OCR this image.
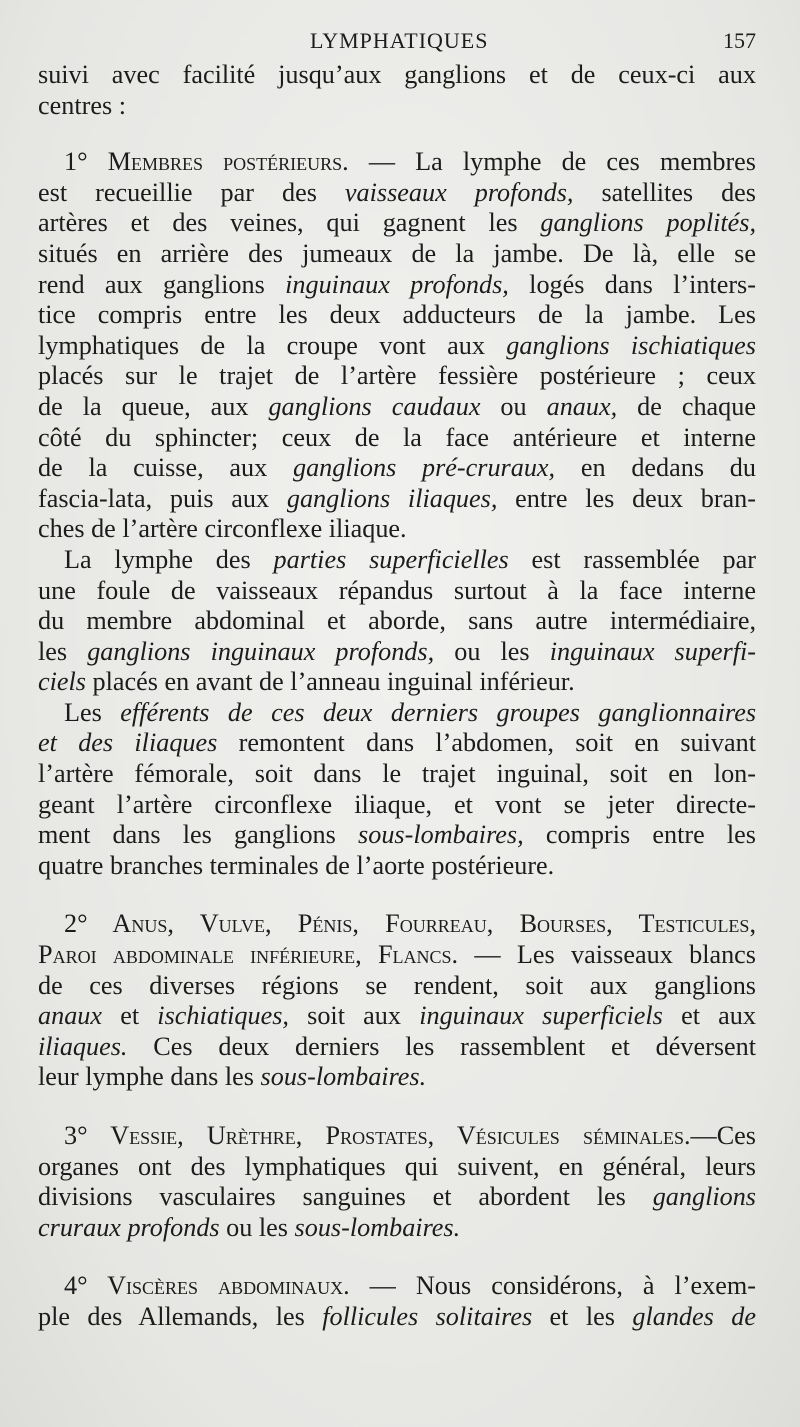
LYMPHATIQUES	157

suivi avec facilité jusqu’aux ganglions et de ceux-ci aux
centres :

1° Membres postérieurs. — La lymphe de ces membres
est recueillie par des vaisseaux profonds, satellites des
artères et des veines, qui gagnent les ganglions poplités,
situés en arrière des jumeaux de la jambe. De là, elle se
rend aux ganglions inguinaux profonds, logés dans l’inters-
tice compris entre les deux adducteurs de la jambe. Les
lymphatiques de la croupe vont aux ganglions ischiatiques
placés sur le trajet de l’artère fessière postérieure ; ceux
de la queue, aux ganglions caudaux ou anaux, de chaque
côté du sphincter; ceux de la face antérieure et interne
de la cuisse, aux ganglions pré-cruraux, en dedans du
fascia-lata, puis aux ganglions iliaques, entre les deux bran-
ches de l’artère circonflexe iliaque.

La lymphe des parties superficielles est rassemblée par
une foule de vaisseaux répandus surtout à la face interne
du membre abdominal et aborde, sans autre intermédiaire,
les ganglions inguinaux profonds, ou les inguinaux superfi-
ciels placés en avant de l’anneau inguinal inférieur.

Les efférents de ces deux derniers groupes ganglionnaires
et des iliaques remontent dans l’abdomen, soit en suivant
l’artère fémorale, soit dans le trajet inguinal, soit en lon-
geant l’artère circonflexe iliaque, et vont se jeter directe-
ment dans les ganglions sous-lombaires, compris entre les
quatre branches terminales de l’aorte postérieure.

2° Anus, Vulve, Pénis, Fourreau, Bourses, Testicules,
Paroi abdominale inférieure, Flancs. — Les vaisseaux blancs
de ces diverses régions se rendent, soit aux ganglions
anaux et ischiatiques, soit aux inguinaux superficiels et aux
iliaques. Ces deux derniers les rassemblent et déversent
leur lymphe dans les sous-lombaires.

3° Vessie, Urèthre, Prostates, Vésicules séminales.—Ces
organes ont des lymphatiques qui suivent, en général, leurs
divisions vasculaires sanguines et abordent les ganglions
cruraux profonds ou les sous-lombaires.

4° Viscères abdominaux. — Nous considérons, à l’exem-
ple des Allemands, les follicules solitaires et les glandes de
